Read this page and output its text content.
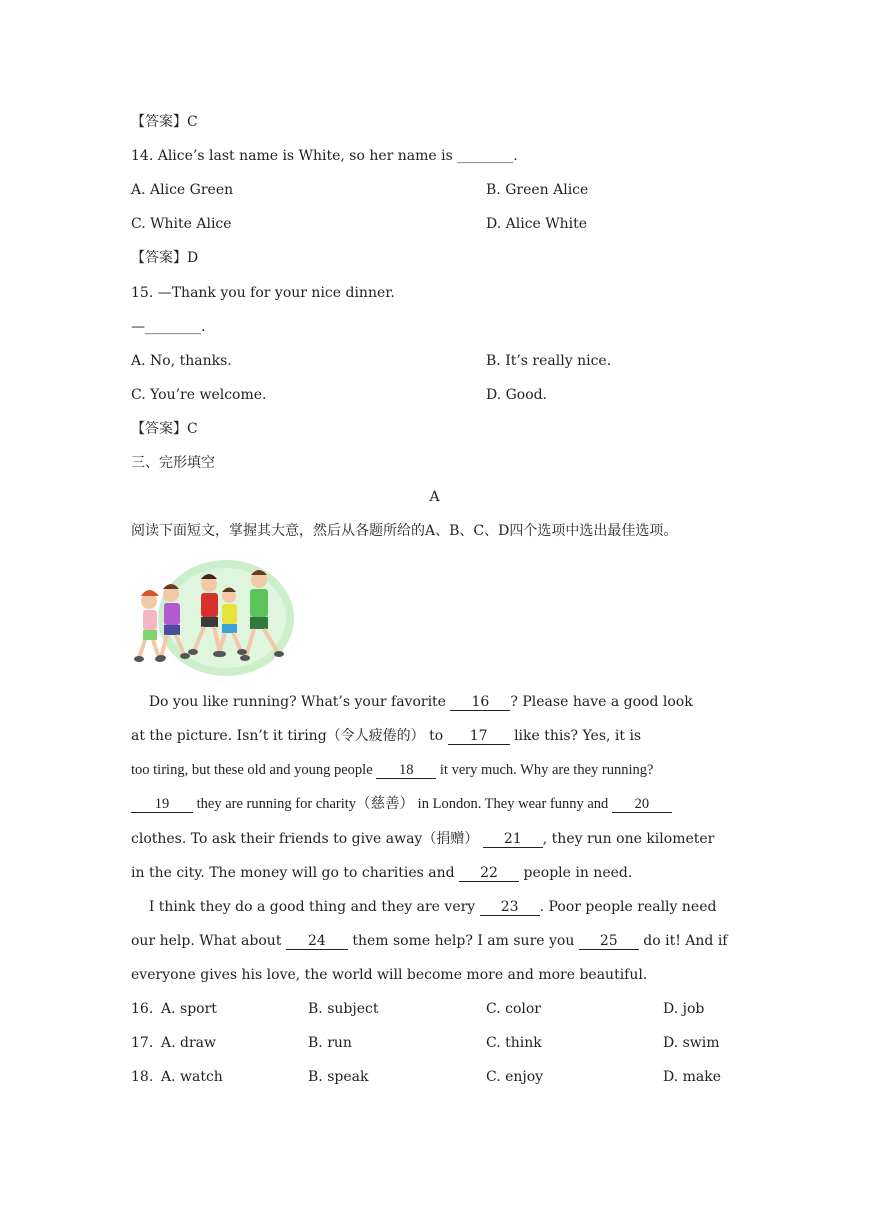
【答案】C
14. Alice’s last name is White, so her name is ________.
A. Alice Green	B. Green Alice
C. White Alice	D. Alice White
【答案】D
15. —Thank you for your nice dinner.
—________.
A. No, thanks.	B. It’s really nice.
C. You’re welcome.	D. Good.
【答案】C
三、完形填空
A
阅读下面短文，掌握其大意，然后从各题所给的A、B、C、D四个选项中选出最佳选项。
Do you like running? What’s your favorite 16 ? Please have a good look
at the picture. Isn’t it tiring（令人疲倦的） to 17 like this? Yes, it is
too tiring, but these old and young people 18 it very much. Why are they running?
19 they are running for charity（慈善） in London. They wear funny and 20
clothes. To ask their friends to give away（捐赠） 21 , they run one kilometer
in the city. The money will go to charities and 22 people in need.
I think they do a good thing and they are very 23 . Poor people really need
our help. What about 24 them some help? I am sure you 25 do it! And if
everyone gives his love, the world will become more and more beautiful.
16. A. sport	B. subject	C. color	D. job
17. A. draw	B. run	C. think	D. swim
18. A. watch	B. speak	C. enjoy	D. make
